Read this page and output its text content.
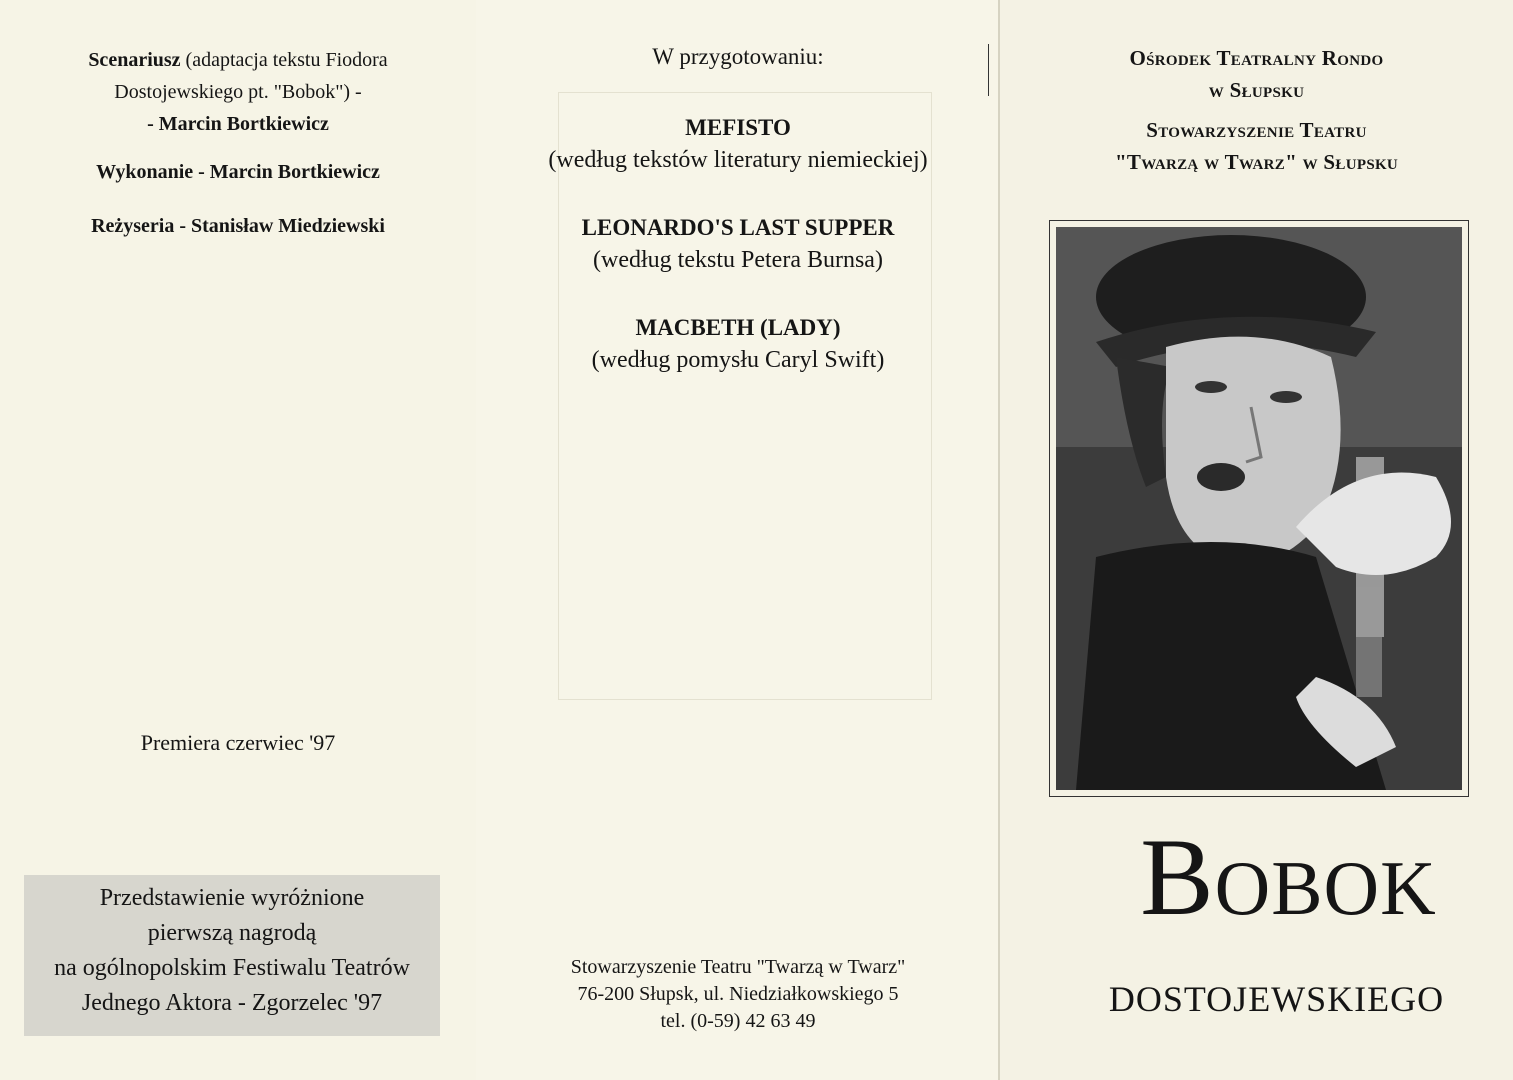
Scenariusz (adaptacja tekstu Fiodora
Dostojewskiego pt. "Bobok") -
- Marcin Bortkiewicz
Wykonanie - Marcin Bortkiewicz
Reżyseria - Stanisław Miedziewski
Premiera czerwiec '97
Przedstawienie wyróżnione
pierwszą nagrodą
na ogólnopolskim Festiwalu Teatrów
Jednego Aktora - Zgorzelec '97
W przygotowaniu:
MEFISTO
(według tekstów literatury niemieckiej)
LEONARDO'S LAST SUPPER
(według tekstu Petera Burnsa)
MACBETH (LADY)
(według pomysłu Caryl Swift)
Stowarzyszenie Teatru "Twarzą w Twarz"
76-200 Słupsk, ul. Niedziałkowskiego 5
tel. (0-59) 42 63 49
Ośrodek Teatralny Rondo
w Słupsku
Stowarzyszenie Teatru
"Twarzą w Twarz" w Słupsku
Bobok
DOSTOJEWSKIEGO
